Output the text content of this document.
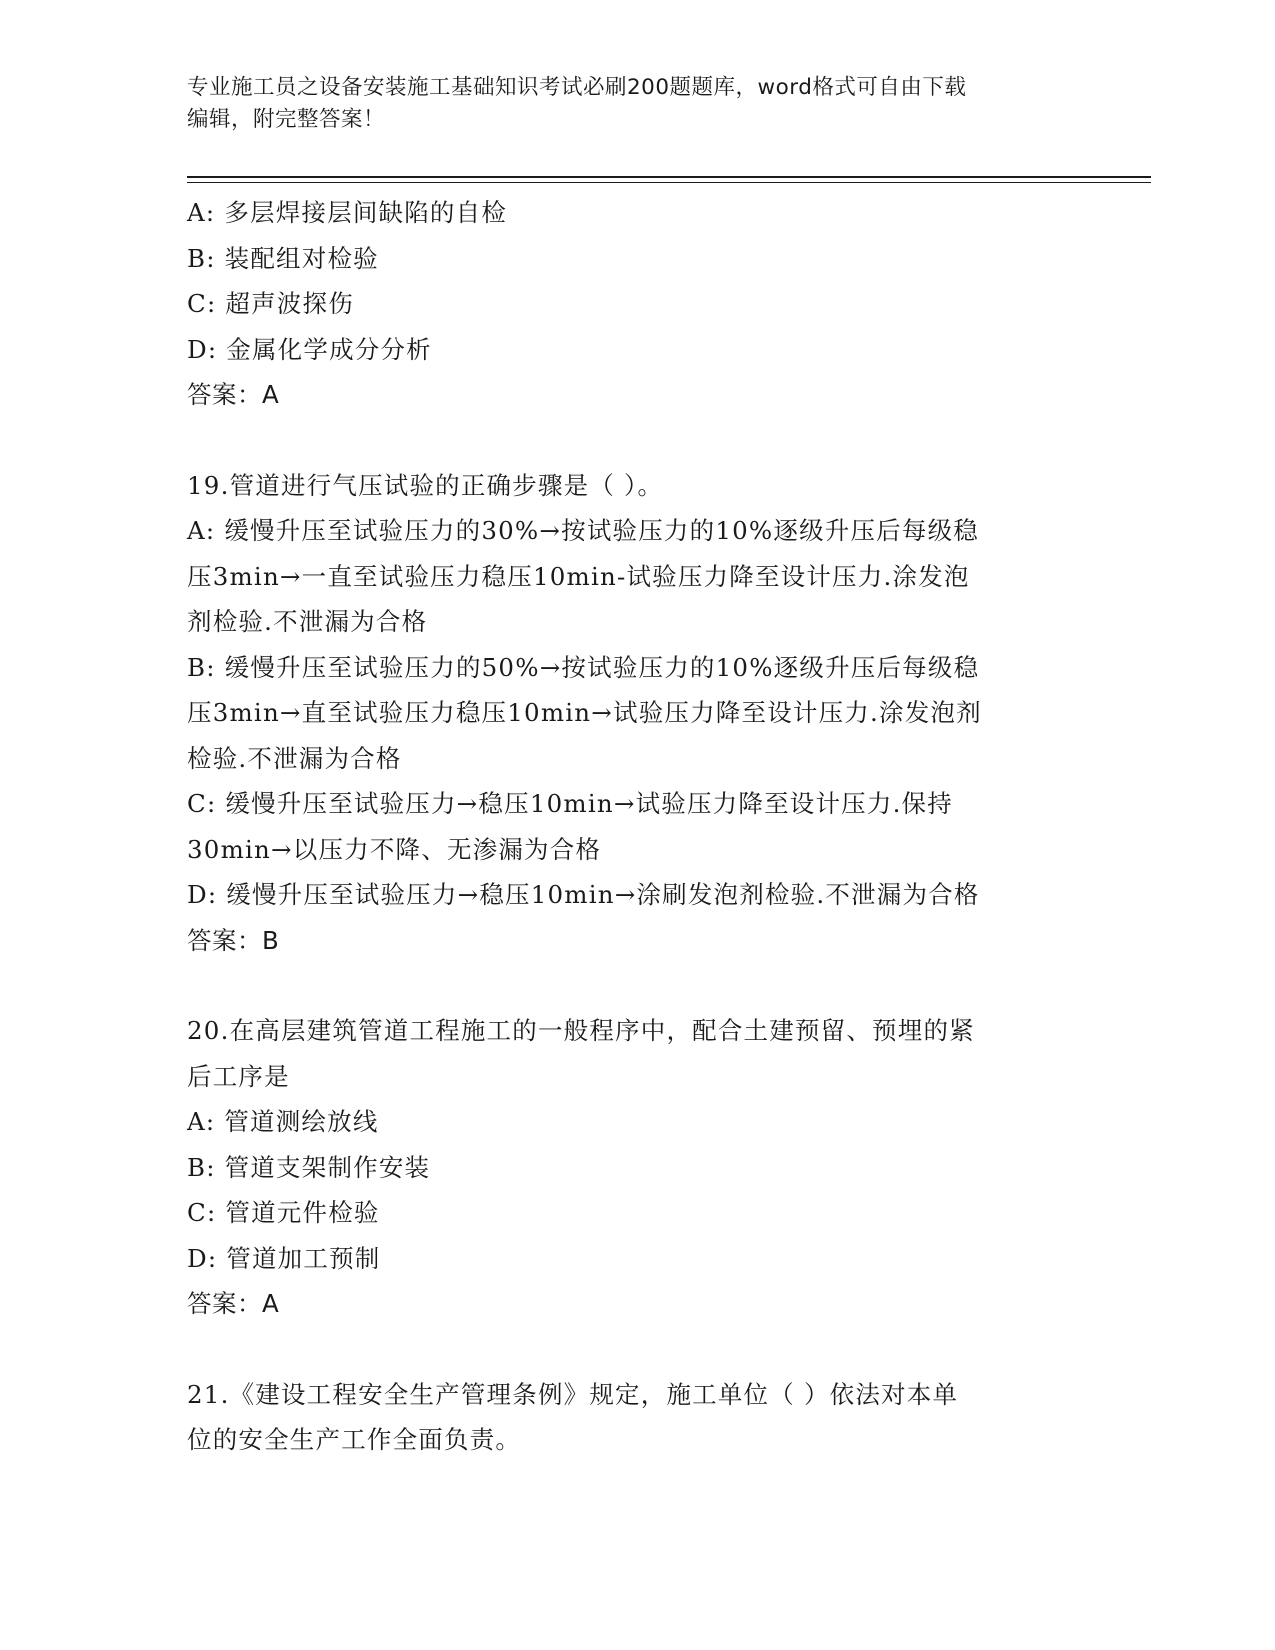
专业施工员之设备安装施工基础知识考试必刷200题题库，word格式可自由下载
编辑，附完整答案！
A: 多层焊接层间缺陷的自检
B: 装配组对检验
C: 超声波探伤
D: 金属化学成分分析
答案：A
19.管道进行气压试验的正确步骤是（ ）。
A: 缓慢升压至试验压力的30%→按试验压力的10%逐级升压后每级稳
压3min→一直至试验压力稳压10min-试验压力降至设计压力.涂发泡
剂检验.不泄漏为合格
B: 缓慢升压至试验压力的50%→按试验压力的10%逐级升压后每级稳
压3min→直至试验压力稳压10min→试验压力降至设计压力.涂发泡剂
检验.不泄漏为合格
C: 缓慢升压至试验压力→稳压10min→试验压力降至设计压力.保持
30min→以压力不降、无渗漏为合格
D: 缓慢升压至试验压力→稳压10min→涂刷发泡剂检验.不泄漏为合格
答案：B
20.在高层建筑管道工程施工的一般程序中，配合土建预留、预埋的紧
后工序是
A: 管道测绘放线
B: 管道支架制作安装
C: 管道元件检验
D: 管道加工预制
答案：A
21.《建设工程安全生产管理条例》规定，施工单位（ ）依法对本单
位的安全生产工作全面负责。
